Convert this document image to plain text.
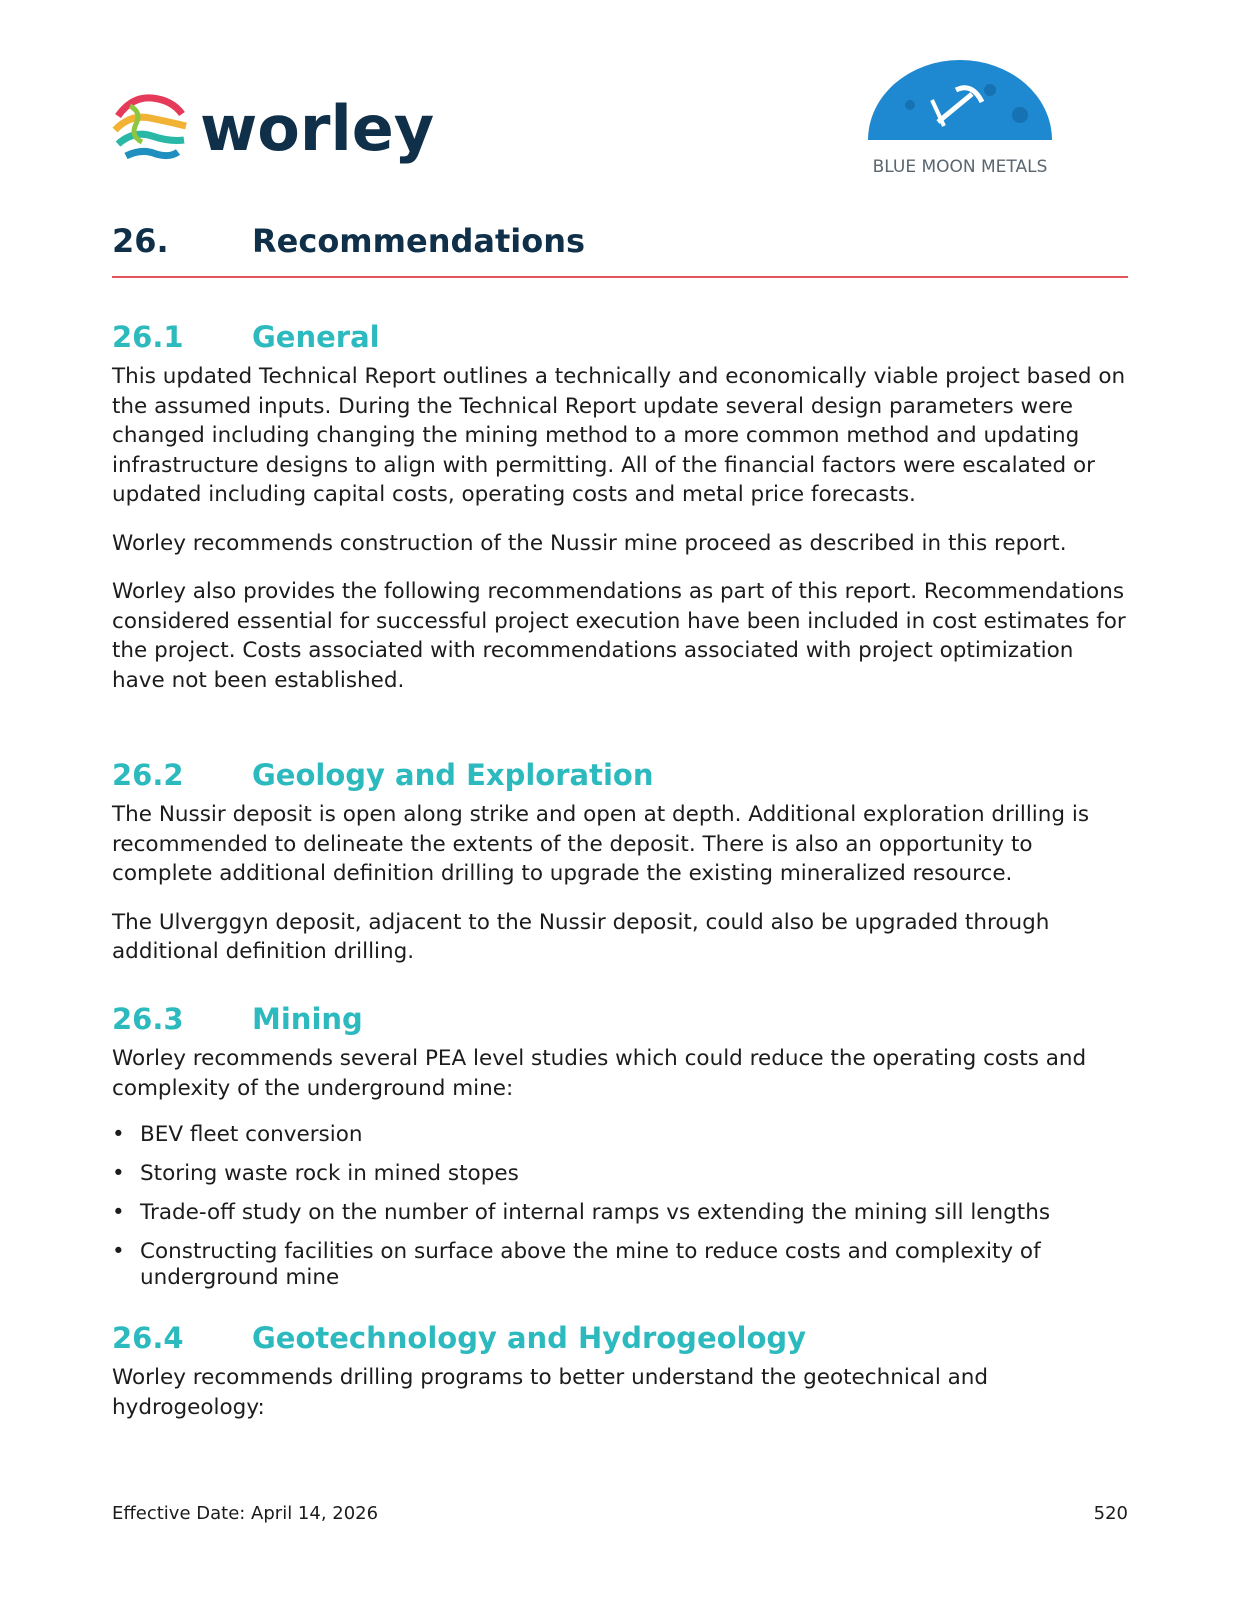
worley
BLUE MOON METALS
26.	Recommendations
26.1 General

This updated Technical Report outlines a technically and economically viable project based on the assumed inputs. During the Technical Report update several design parameters were changed including changing the mining method to a more common method and updating infrastructure designs to align with permitting. All of the financial factors were escalated or updated including capital costs, operating costs and metal price forecasts.

Worley recommends construction of the Nussir mine proceed as described in this report.

Worley also provides the following recommendations as part of this report. Recommendations considered essential for successful project execution have been included in cost estimates for the project. Costs associated with recommendations associated with project optimization have not been established.

26.2 Geology and Exploration

The Nussir deposit is open along strike and open at depth. Additional exploration drilling is recommended to delineate the extents of the deposit. There is also an opportunity to complete additional definition drilling to upgrade the existing mineralized resource.

The Ulverggyn deposit, adjacent to the Nussir deposit, could also be upgraded through additional definition drilling.

26.3 Mining

Worley recommends several PEA level studies which could reduce the operating costs and complexity of the underground mine:

• BEV fleet conversion
• Storing waste rock in mined stopes
• Trade-off study on the number of internal ramps vs extending the mining sill lengths
• Constructing facilities on surface above the mine to reduce costs and complexity of underground mine
26.4 Geotechnology and Hydrogeology

Worley recommends drilling programs to better understand the geotechnical and hydrogeology:

Effective Date: April 14, 2026	520
